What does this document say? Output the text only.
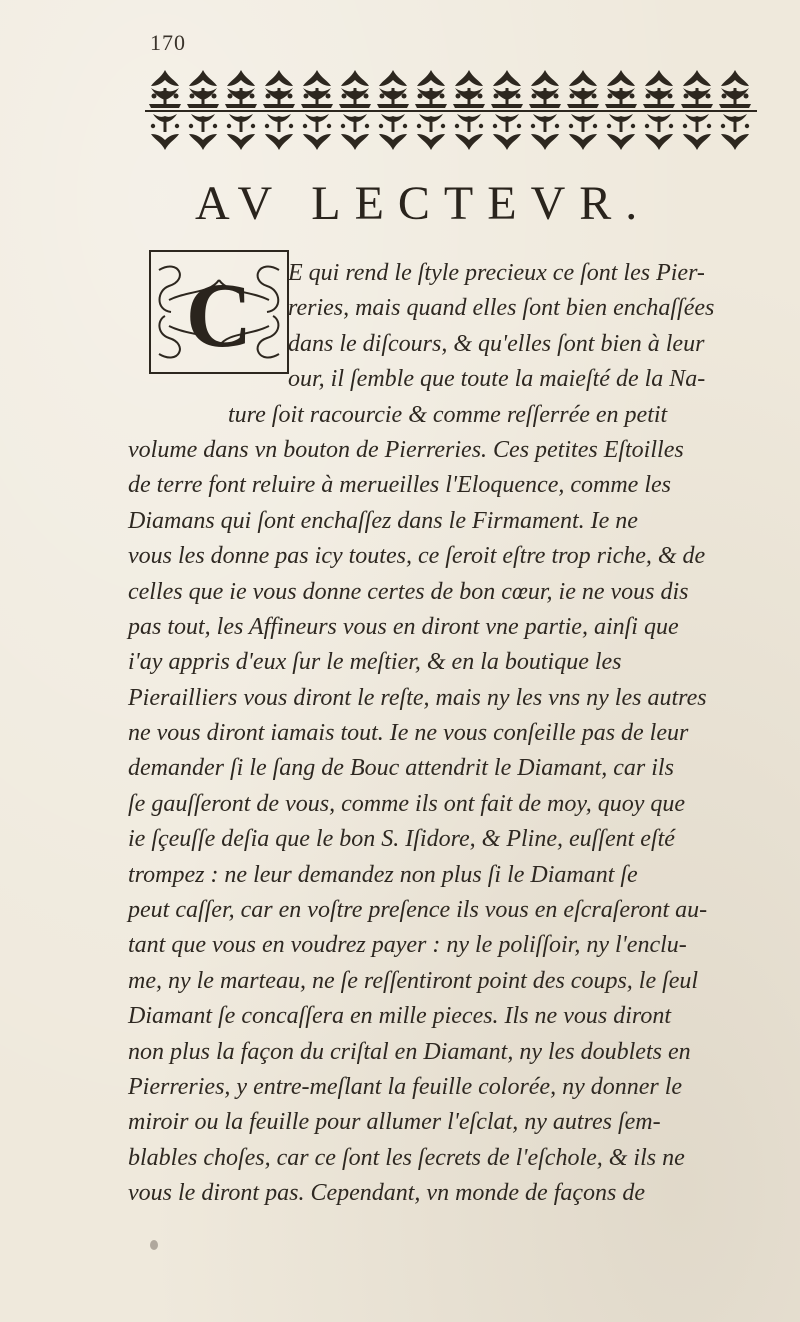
170
AV LECTEVR.
C	E qui rend le ſtyle precieux ce ſont les Pier-
reries, mais quand elles ſont bien enchaſſées
dans le diſcours, & qu'elles ſont bien à leur
our, il ſemble que toute la maieſté de la Na-
ture ſoit racourcie & comme reſſerrée en petit
volume dans vn bouton de Pierreries. Ces petites Eſtoilles
de terre font reluire à merueilles l'Eloquence, comme les
Diamans qui ſont enchaſſez dans le Firmament. Ie ne
vous les donne pas icy toutes, ce ſeroit eſtre trop riche, & de
celles que ie vous donne certes de bon cœur, ie ne vous dis
pas tout, les Affineurs vous en diront vne partie, ainſi que
i'ay appris d'eux ſur le meſtier, & en la boutique les
Pierailliers vous diront le reſte, mais ny les vns ny les autres
ne vous diront iamais tout. Ie ne vous conſeille pas de leur
demander ſi le ſang de Bouc attendrit le Diamant, car ils
ſe gauſſeront de vous, comme ils ont fait de moy, quoy que
ie ſçeuſſe deſia que le bon S. Iſidore, & Pline, euſſent eſté
trompez : ne leur demandez non plus ſi le Diamant ſe
peut caſſer, car en voſtre preſence ils vous en eſcraſeront au-
tant que vous en voudrez payer : ny le poliſſoir, ny l'enclu-
me, ny le marteau, ne ſe reſſentiront point des coups, le ſeul
Diamant ſe concaſſera en mille pieces. Ils ne vous diront
non plus la façon du criſtal en Diamant, ny les doublets en
Pierreries, y entre-meſlant la feuille colorée, ny donner le
miroir ou la feuille pour allumer l'eſclat, ny autres ſem-
blables choſes, car ce ſont les ſecrets de l'eſchole, & ils ne
vous le diront pas. Cependant, vn monde de façons de
